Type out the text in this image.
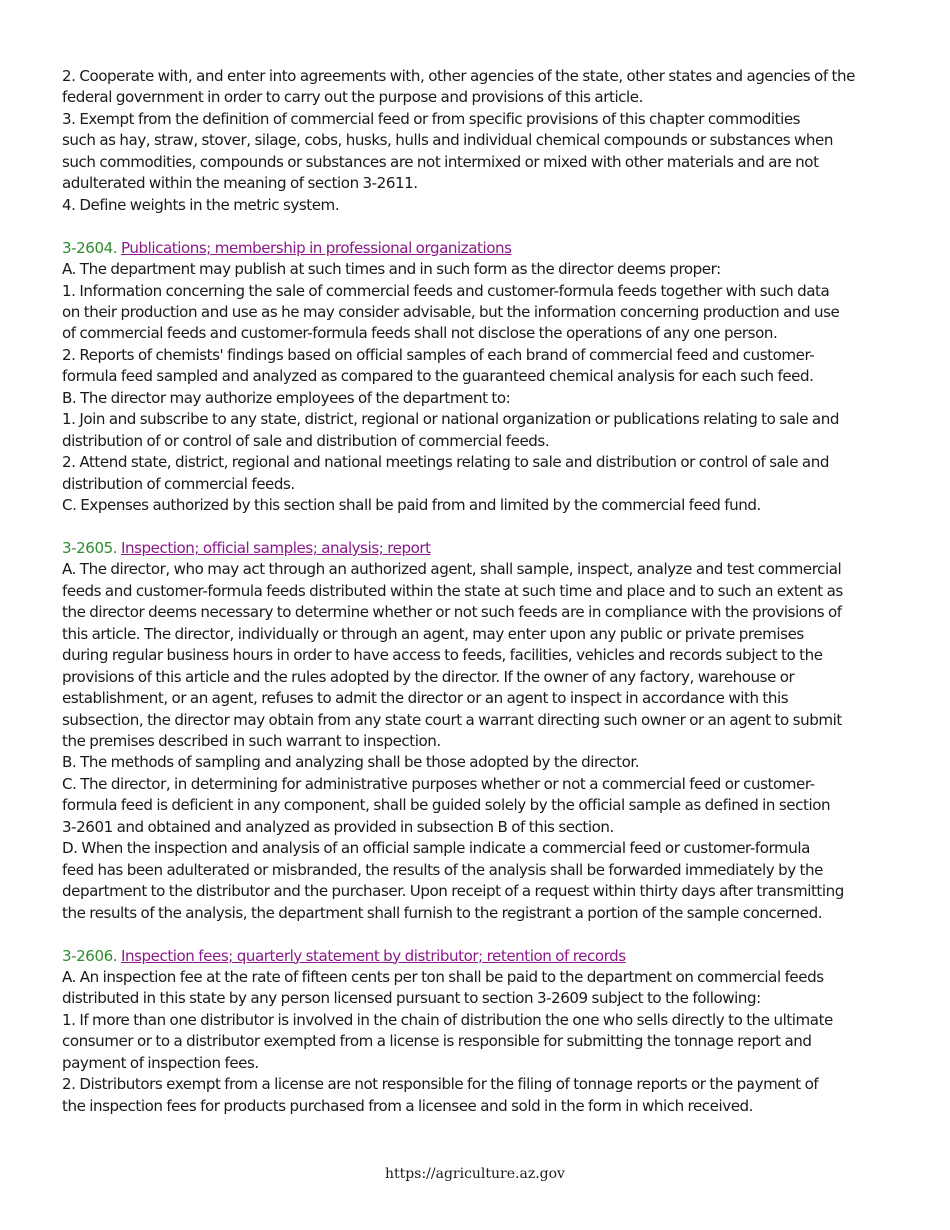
2. Cooperate with, and enter into agreements with, other agencies of the state, other states and agencies of the
federal government in order to carry out the purpose and provisions of this article.
3. Exempt from the definition of commercial feed or from specific provisions of this chapter commodities
such as hay, straw, stover, silage, cobs, husks, hulls and individual chemical compounds or substances when
such commodities, compounds or substances are not intermixed or mixed with other materials and are not
adulterated within the meaning of section 3-2611.
4. Define weights in the metric system.
3-2604. Publications; membership in professional organizations
A. The department may publish at such times and in such form as the director deems proper:
1. Information concerning the sale of commercial feeds and customer-formula feeds together with such data
on their production and use as he may consider advisable, but the information concerning production and use
of commercial feeds and customer-formula feeds shall not disclose the operations of any one person.
2. Reports of chemists' findings based on official samples of each brand of commercial feed and customer-
formula feed sampled and analyzed as compared to the guaranteed chemical analysis for each such feed.
B. The director may authorize employees of the department to:
1. Join and subscribe to any state, district, regional or national organization or publications relating to sale and
distribution of or control of sale and distribution of commercial feeds.
2. Attend state, district, regional and national meetings relating to sale and distribution or control of sale and
distribution of commercial feeds.
C. Expenses authorized by this section shall be paid from and limited by the commercial feed fund.
3-2605. Inspection; official samples; analysis; report
A. The director, who may act through an authorized agent, shall sample, inspect, analyze and test commercial
feeds and customer-formula feeds distributed within the state at such time and place and to such an extent as
the director deems necessary to determine whether or not such feeds are in compliance with the provisions of
this article. The director, individually or through an agent, may enter upon any public or private premises
during regular business hours in order to have access to feeds, facilities, vehicles and records subject to the
provisions of this article and the rules adopted by the director. If the owner of any factory, warehouse or
establishment, or an agent, refuses to admit the director or an agent to inspect in accordance with this
subsection, the director may obtain from any state court a warrant directing such owner or an agent to submit
the premises described in such warrant to inspection.
B. The methods of sampling and analyzing shall be those adopted by the director.
C. The director, in determining for administrative purposes whether or not a commercial feed or customer-
formula feed is deficient in any component, shall be guided solely by the official sample as defined in section
3-2601 and obtained and analyzed as provided in subsection B of this section.
D. When the inspection and analysis of an official sample indicate a commercial feed or customer-formula
feed has been adulterated or misbranded, the results of the analysis shall be forwarded immediately by the
department to the distributor and the purchaser. Upon receipt of a request within thirty days after transmitting
the results of the analysis, the department shall furnish to the registrant a portion of the sample concerned.
3-2606. Inspection fees; quarterly statement by distributor; retention of records
A. An inspection fee at the rate of fifteen cents per ton shall be paid to the department on commercial feeds
distributed in this state by any person licensed pursuant to section 3-2609 subject to the following:
1. If more than one distributor is involved in the chain of distribution the one who sells directly to the ultimate
consumer or to a distributor exempted from a license is responsible for submitting the tonnage report and
payment of inspection fees.
2. Distributors exempt from a license are not responsible for the filing of tonnage reports or the payment of
the inspection fees for products purchased from a licensee and sold in the form in which received.
https://agriculture.az.gov
